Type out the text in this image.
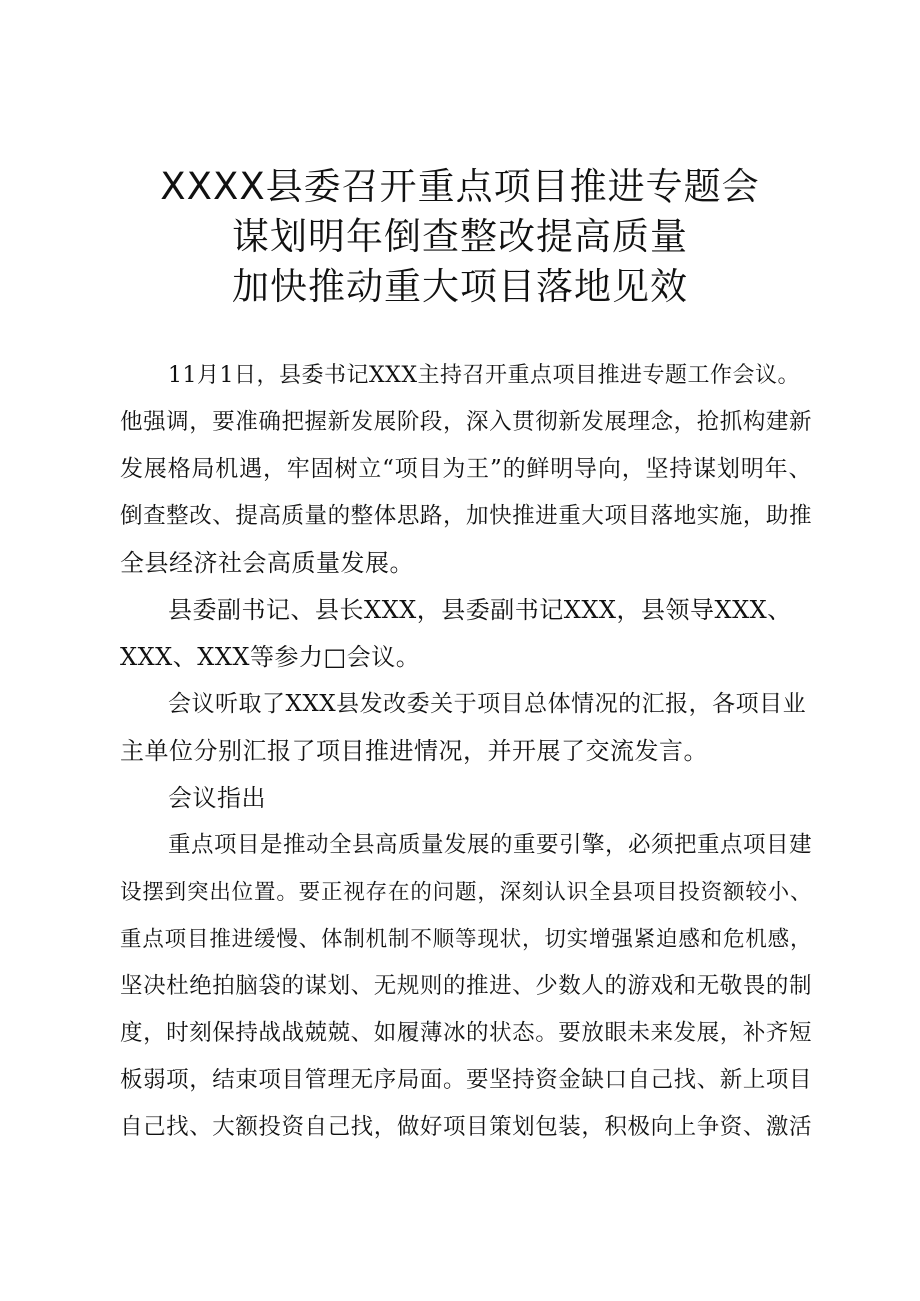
XXXX县委召开重点项目推进专题会
谋划明年倒查整改提高质量
加快推动重大项目落地见效

11月1日，县委书记XXX主持召开重点项目推进专题工作会议。

他强调，要准确把握新发展阶段，深入贯彻新发展理念，抢抓构建新
发展格局机遇，牢固树立“项目为王”的鲜明导向，坚持谋划明年、
倒查整改、提高质量的整体思路，加快推进重大项目落地实施，助推
全县经济社会高质量发展。

县委副书记、县长XXX，县委副书记XXX，县领导XXX、

XXX、XXX等参力□会议。

会议听取了XXX县发改委关于项目总体情况的汇报，各项目业

主单位分别汇报了项目推进情况，并开展了交流发言。

会议指出

重点项目是推动全县高质量发展的重要引擎，必须把重点项目建

设摆到突出位置。要正视存在的问题，深刻认识全县项目投资额较小、
重点项目推进缓慢、体制机制不顺等现状，切实增强紧迫感和危机感，
坚决杜绝拍脑袋的谋划、无规则的推进、少数人的游戏和无敬畏的制
度，时刻保持战战兢兢、如履薄冰的状态。要放眼未来发展，补齐短
板弱项，结束项目管理无序局面。要坚持资金缺口自己找、新上项目
自己找、大额投资自己找，做好项目策划包装，积极向上争资、激活
